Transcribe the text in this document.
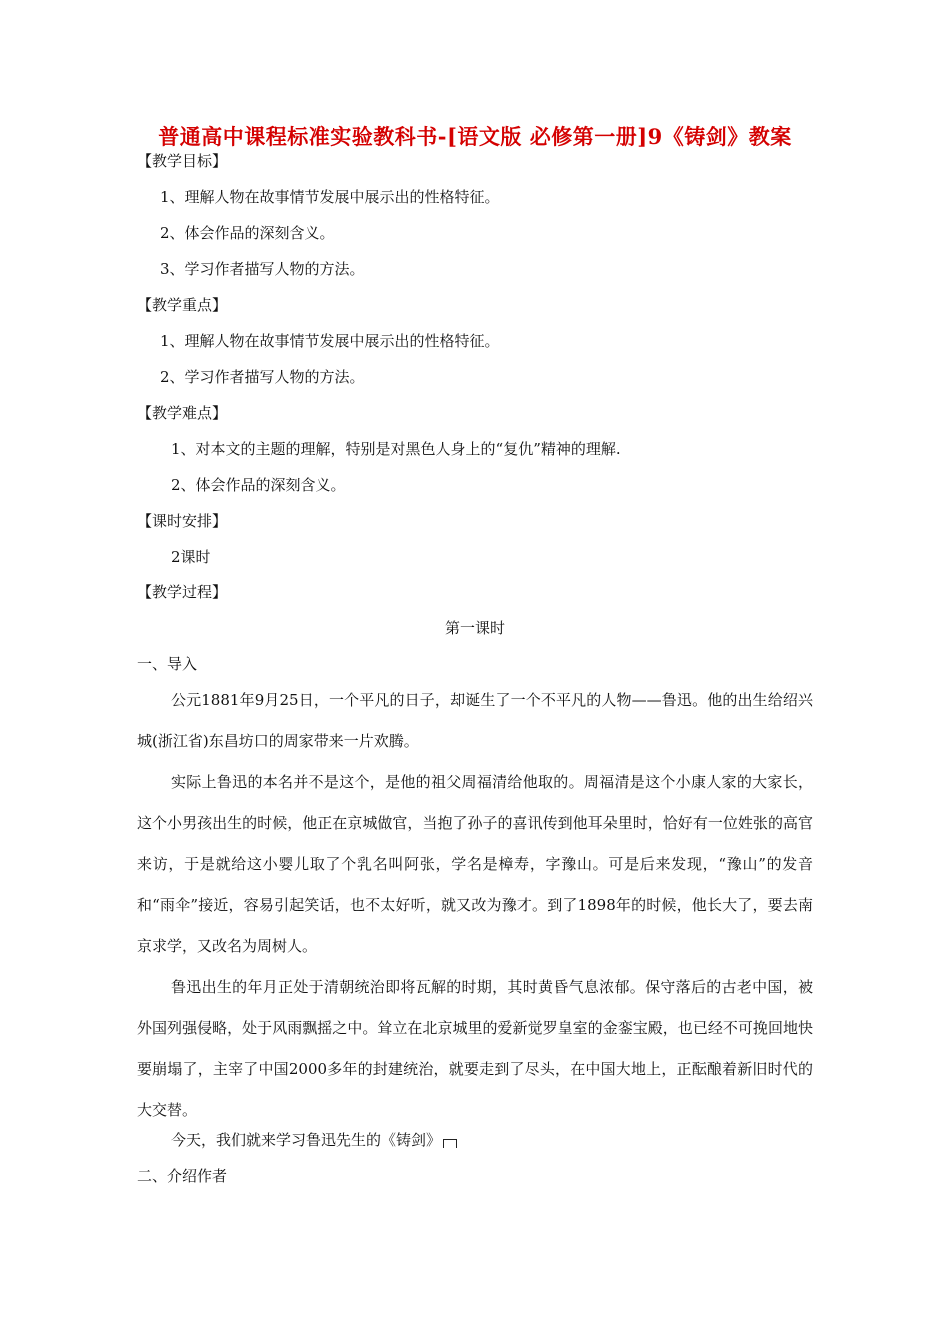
普通高中课程标准实验教科书-[语文版 必修第一册]9《铸剑》教案
【教学目标】
1、理解人物在故事情节发展中展示出的性格特征。
2、体会作品的深刻含义。
3、学习作者描写人物的方法。
【教学重点】
1、理解人物在故事情节发展中展示出的性格特征。
2、学习作者描写人物的方法。
【教学难点】
1、对本文的主题的理解，特别是对黑色人身上的“复仇”精神的理解.
2、体会作品的深刻含义。
【课时安排】
2课时
【教学过程】
第一课时
一、导入
公元1881年9月25日，一个平凡的日子，却诞生了一个不平凡的人物——鲁迅。他的出生给绍兴城(浙江省)东昌坊口的周家带来一片欢腾。
实际上鲁迅的本名并不是这个，是他的祖父周福清给他取的。周福清是这个小康人家的大家长，这个小男孩出生的时候，他正在京城做官，当抱了孙子的喜讯传到他耳朵里时，恰好有一位姓张的高官来访，于是就给这小婴儿取了个乳名叫阿张，学名是樟寿，字豫山。可是后来发现，“豫山”的发音和“雨伞”接近，容易引起笑话，也不太好听，就又改为豫才。到了1898年的时候，他长大了，要去南京求学，又改名为周树人。
鲁迅出生的年月正处于清朝统治即将瓦解的时期，其时黄昏气息浓郁。保守落后的古老中国，被外国列强侵略，处于风雨飘摇之中。耸立在北京城里的爱新觉罗皇室的金銮宝殿，也已经不可挽回地快要崩塌了，主宰了中国2000多年的封建统治，就要走到了尽头，在中国大地上，正酝酿着新旧时代的大交替。
今天，我们就来学习鲁迅先生的《铸剑》
二、介绍作者
